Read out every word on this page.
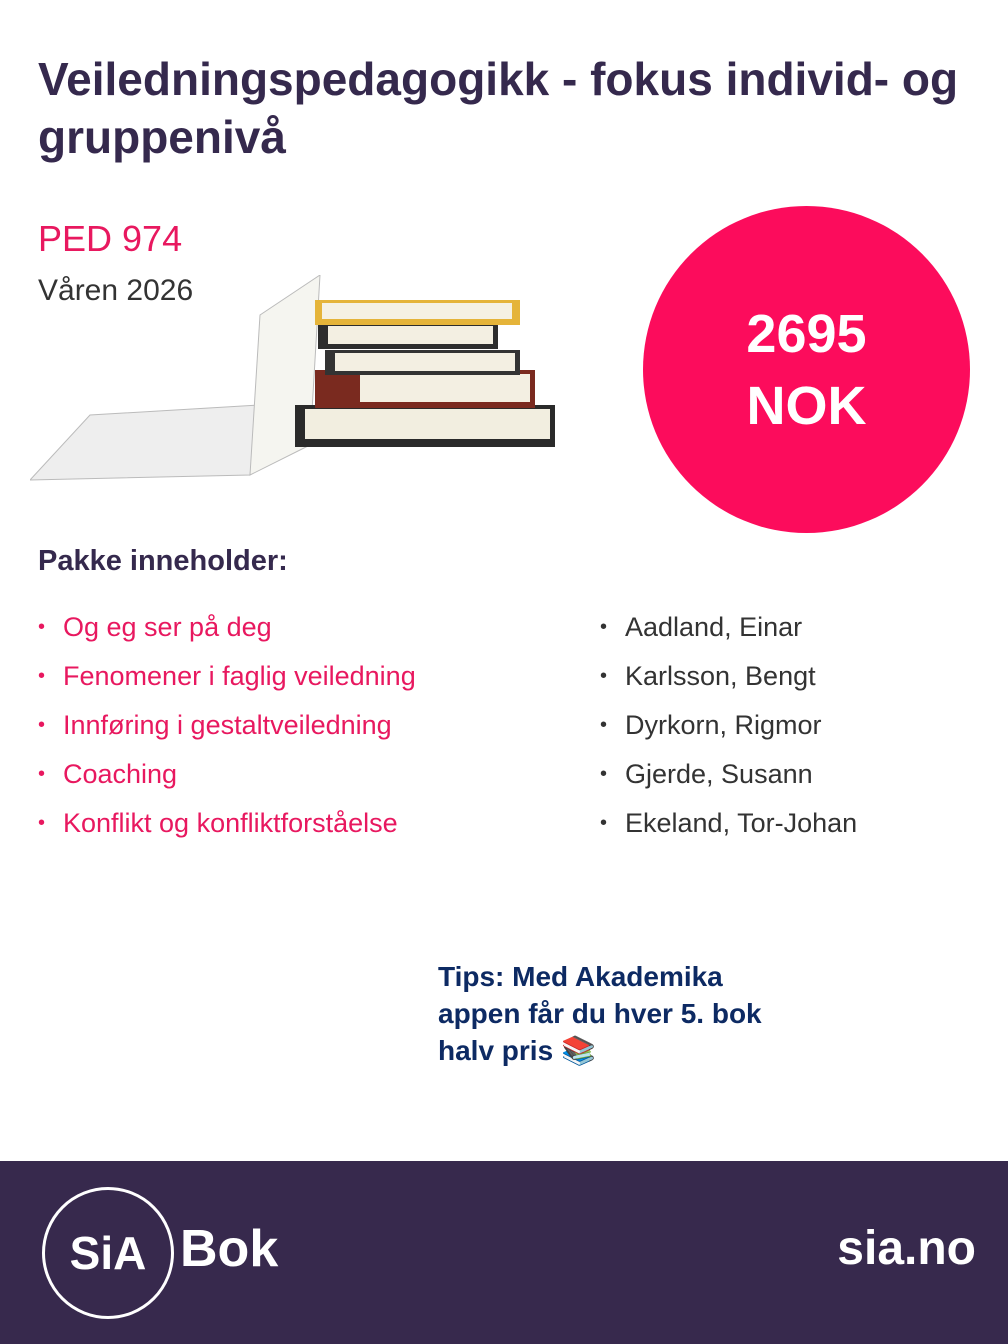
Veiledningspedagogikk - fokus individ- og gruppenivå
PED 974
Våren 2026
2695
NOK
Pakke inneholder:
• Og eg ser på deg
• Fenomener i faglig veiledning
• Innføring i gestaltveiledning
• Coaching
• Konflikt og konfliktforståelse
• Aadland, Einar
• Karlsson, Bengt
• Dyrkorn, Rigmor
• Gjerde, Susann
• Ekeland, Tor-Johan
Tips: Med Akademika appen får du hver 5. bok halv pris 📚
SiA Bok	sia.no
